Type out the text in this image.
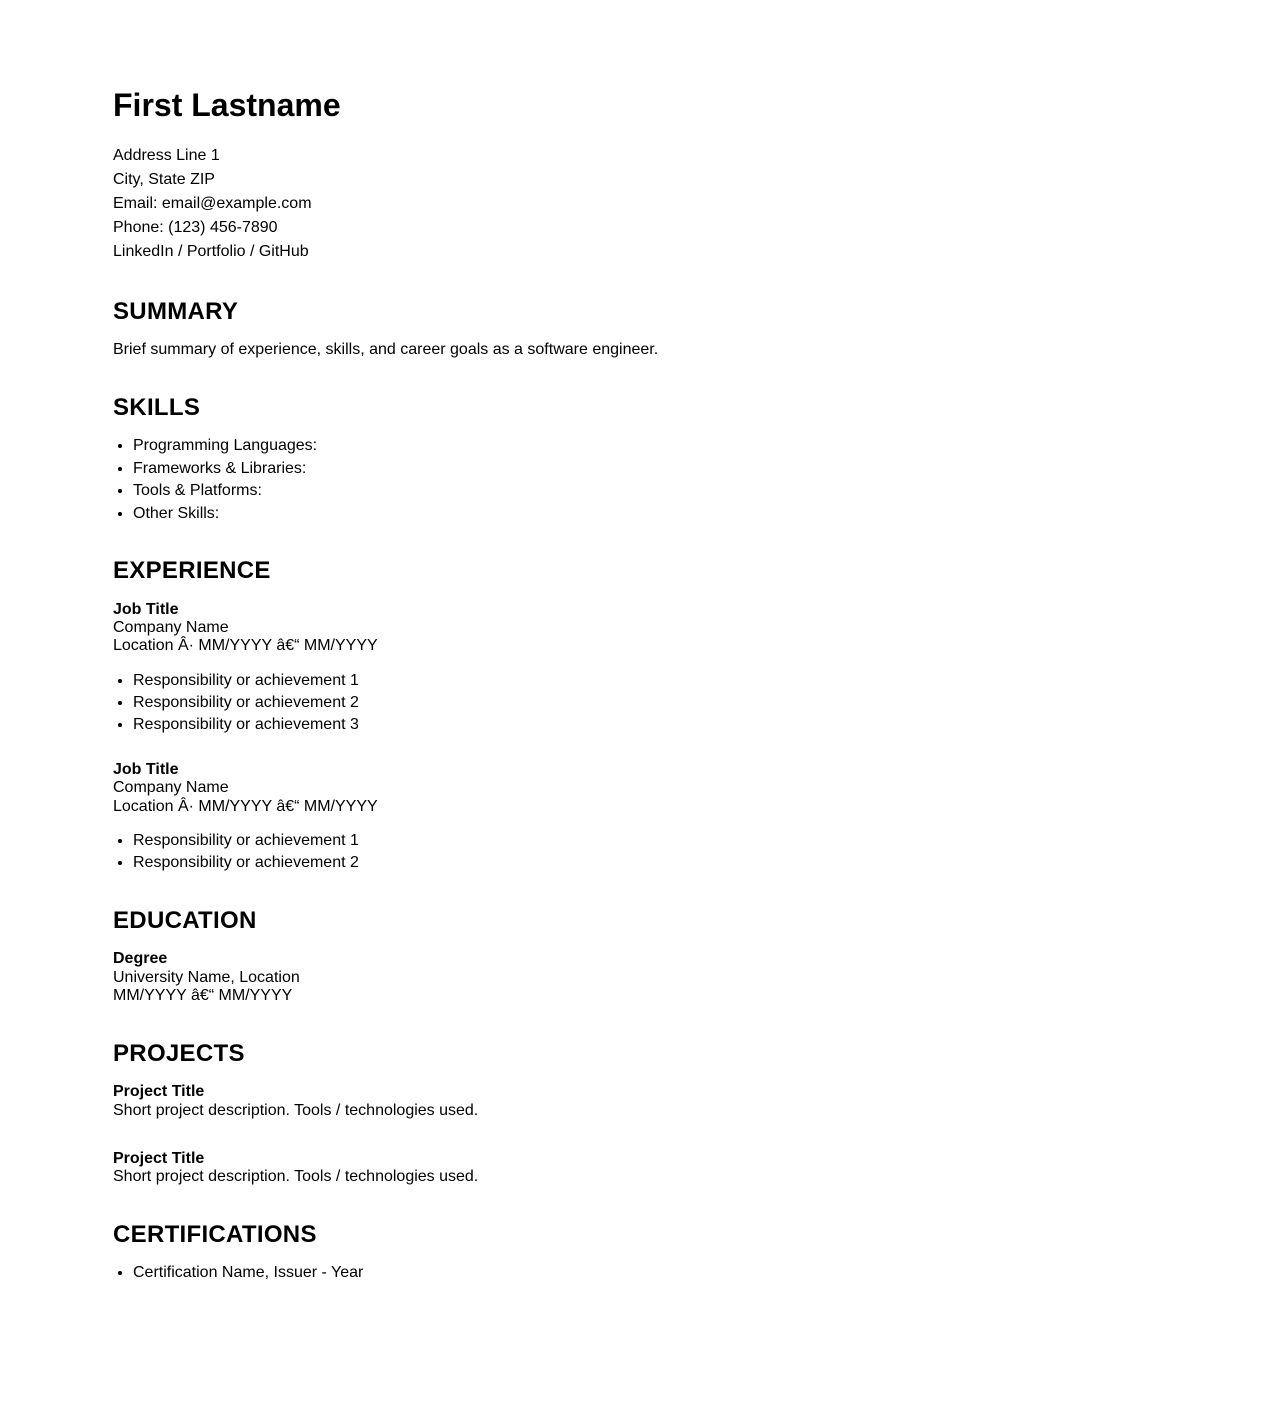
First Lastname
Address Line 1
City, State ZIP
Email: email@example.com
Phone: (123) 456-7890
LinkedIn / Portfolio / GitHub
SUMMARY

Brief summary of experience, skills, and career goals as a software engineer.

SKILLS
• Programming Languages:
• Frameworks & Libraries:
• Tools & Platforms:
• Other Skills:
EXPERIENCE

Job Title
Company Name
Location Â· MM/YYYY â€“ MM/YYYY

• Responsibility or achievement 1
• Responsibility or achievement 2
• Responsibility or achievement 3

Job Title
Company Name
Location Â· MM/YYYY â€“ MM/YYYY

• Responsibility or achievement 1
• Responsibility or achievement 2
EDUCATION

Degree
University Name, Location
MM/YYYY â€“ MM/YYYY

PROJECTS

Project Title
Short project description. Tools / technologies used.

Project Title
Short project description. Tools / technologies used.

CERTIFICATIONS
• Certification Name, Issuer - Year
